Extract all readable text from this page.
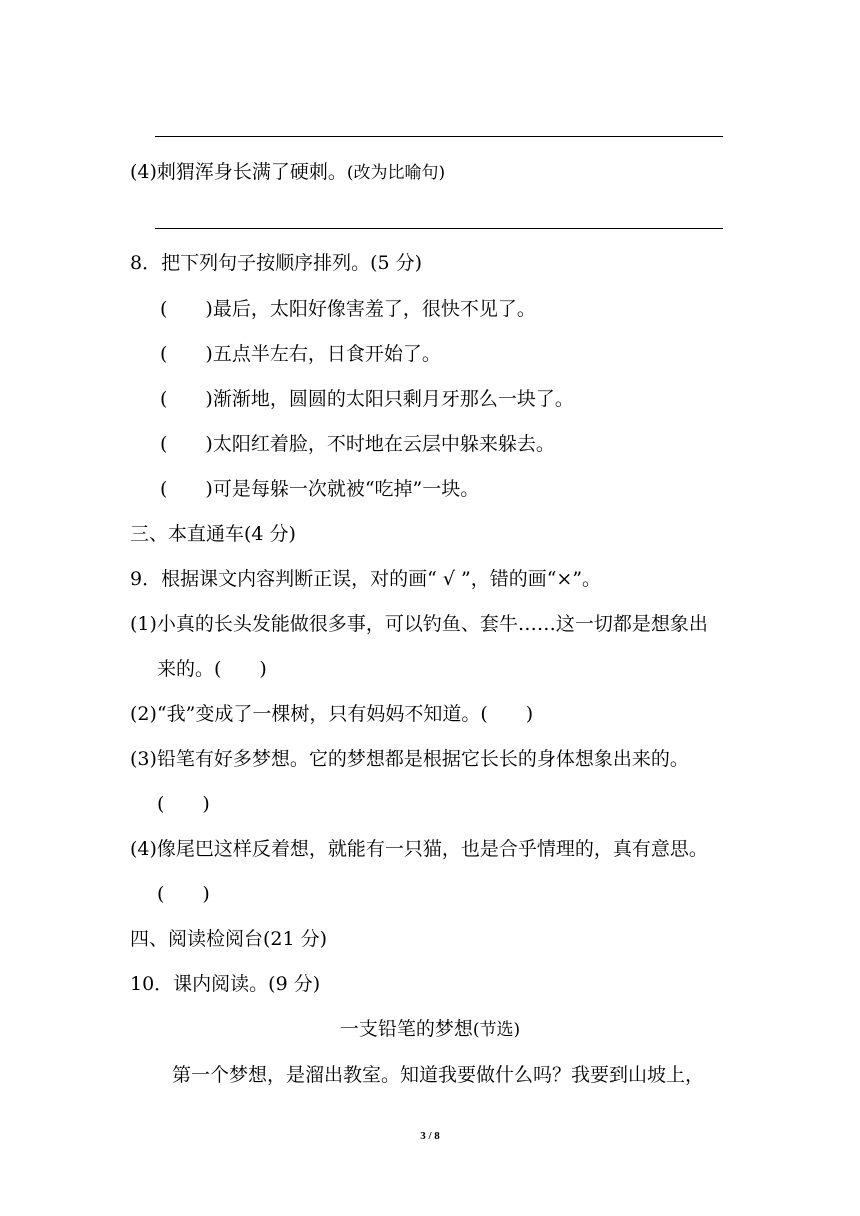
(4)刺猬浑身长满了硬刺。(改为比喻句)
8．把下列句子按顺序排列。(5 分)
(　　)最后，太阳好像害羞了，很快不见了。
(　　)五点半左右，日食开始了。
(　　)渐渐地，圆圆的太阳只剩月牙那么一块了。
(　　)太阳红着脸，不时地在云层中躲来躲去。
(　　)可是每躲一次就被“吃掉”一块。
三、本直通车(4 分)
9．根据课文内容判断正误，对的画“ √ ”，错的画“×”。
(1)小真的长头发能做很多事，可以钓鱼、套牛……这一切都是想象出
来的。(　　)
(2)“我”变成了一棵树，只有妈妈不知道。(　　)
(3)铅笔有好多梦想。它的梦想都是根据它长长的身体想象出来的。
(　　)
(4)像尾巴这样反着想，就能有一只猫，也是合乎情理的，真有意思。
(　　)
四、阅读检阅台(21 分)
10．课内阅读。(9 分)
一支铅笔的梦想(节选)
第一个梦想，是溜出教室。知道我要做什么吗？我要到山坡上，
3 / 8
